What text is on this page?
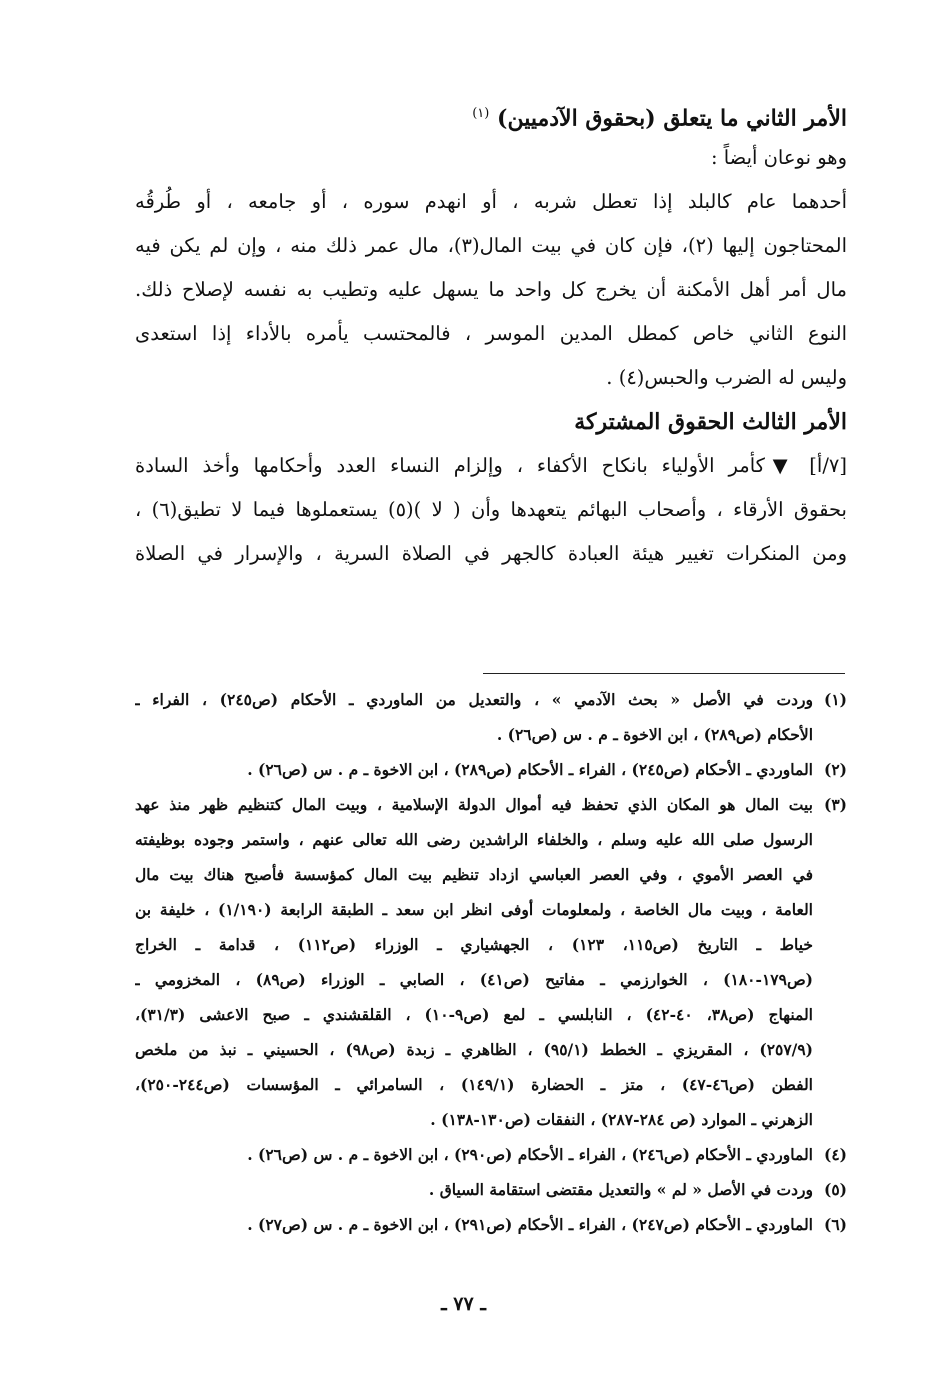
الأمر الثاني ما يتعلق (بحقوق الآدميين) $^{(١)}$
وهو نوعان أيضاً :
أحدهما عام كالبلد إذا تعطل شربه ، أو انهدم سوره ، أو جامعه ، أو طُرقُه
المحتاجون إليها (٢)، فإن كان في بيت المال(٣)، مال عمر ذلك منه ، وإن لم يكن فيه
مال أمر أهل الأمكنة أن يخرج كل واحد ما يسهل عليه وتطيب به نفسه لإصلاح ذلك.
النوع الثاني خاص كمطل المدين الموسر ، فالمحتسب يأمره بالأداء إذا استعدى
وليس له الضرب والحبس(٤) .
الأمر الثالث الحقوق المشتركة
[٧/أ] ▼كأمر الأولياء بانكاح الأكفاء ، وإلزام النساء العدد وأحكامها وأخذ السادة
بحقوق الأرقاء ، وأصحاب البهائم يتعهدها وأن ( لا )(٥) يستعملوها فيما لا تطيق(٦) ،
ومن المنكرات تغيير هيئة العبادة كالجهر في الصلاة السرية ، والإسرار في الصلاة
(١)
وردت في الأصل « بحث الآدمي » ، والتعديل من الماوردي ـ الأحكام (ص٢٤٥) ، الفراء ـ
الأحكام (ص٢٨٩) ، ابن الاخوة ـ م . س (ص٢٦) .
(٢)
الماوردي ـ الأحكام (ص٢٤٥) ، الفراء ـ الأحكام (ص٢٨٩) ، ابن الاخوة ـ م . س (ص٢٦) .
(٣)
بيت المال هو المكان الذي تحفظ فيه أموال الدولة الإسلامية ، وبيت المال كتنظيم ظهر منذ عهد
الرسول صلى الله عليه وسلم ، والخلفاء الراشدين رضى الله تعالى عنهم ، واستمر وجوده بوظيفته
في العصر الأموي ، وفي العصر العباسي ازداد تنظيم بيت المال كمؤسسة فأصبح هناك بيت مال
العامة ، وبيت مال الخاصة ، ولمعلومات أوفى انظر ابن سعد ـ الطبقة الرابعة (١/١٩٠) ، خليفة بن
خياط ـ التاريخ (ص١١٥، ١٢٣) ، الجهشياري ـ الوزراء (ص١١٢) ، قدامة ـ الخراج
(ص١٧٩-١٨٠) ، الخوارزمي ـ مفاتيح (ص٤١) ، الصابي ـ الوزراء (ص٨٩) ، المخزومي ـ
المنهاج (ص٣٨، ٤٠-٤٢) ، النابلسي ـ لمع (ص٩-١٠) ، القلقشندي ـ صبح الاعشى (٣١/٣)،
(٢٥٧/٩) ، المقريزي ـ الخطط (٩٥/١) ، الظاهري ـ زبدة (ص٩٨) ، الحسيني ـ نبذ من ملخص
الفطن (ص٤٦-٤٧) ، متز ـ الحضارة (١٤٩/١) ، السامرائي ـ المؤسسات (ص٢٤٤-٢٥٠)،
الزهرني ـ الموارد (ص ٢٨٤-٢٨٧) ، النفقات (ص١٣٠-١٣٨) .
(٤)
الماوردي ـ الأحكام (ص٢٤٦) ، الفراء ـ الأحكام (ص٢٩٠) ، ابن الاخوة ـ م . س (ص٢٦) .
(٥)
وردت في الأصل « لم » والتعديل مقتضى استقامة السياق .
(٦)
الماوردي ـ الأحكام (ص٢٤٧) ، الفراء ـ الأحكام (ص٢٩١) ، ابن الاخوة ـ م . س (ص٢٧) .
ـ ٧٧ ـ
